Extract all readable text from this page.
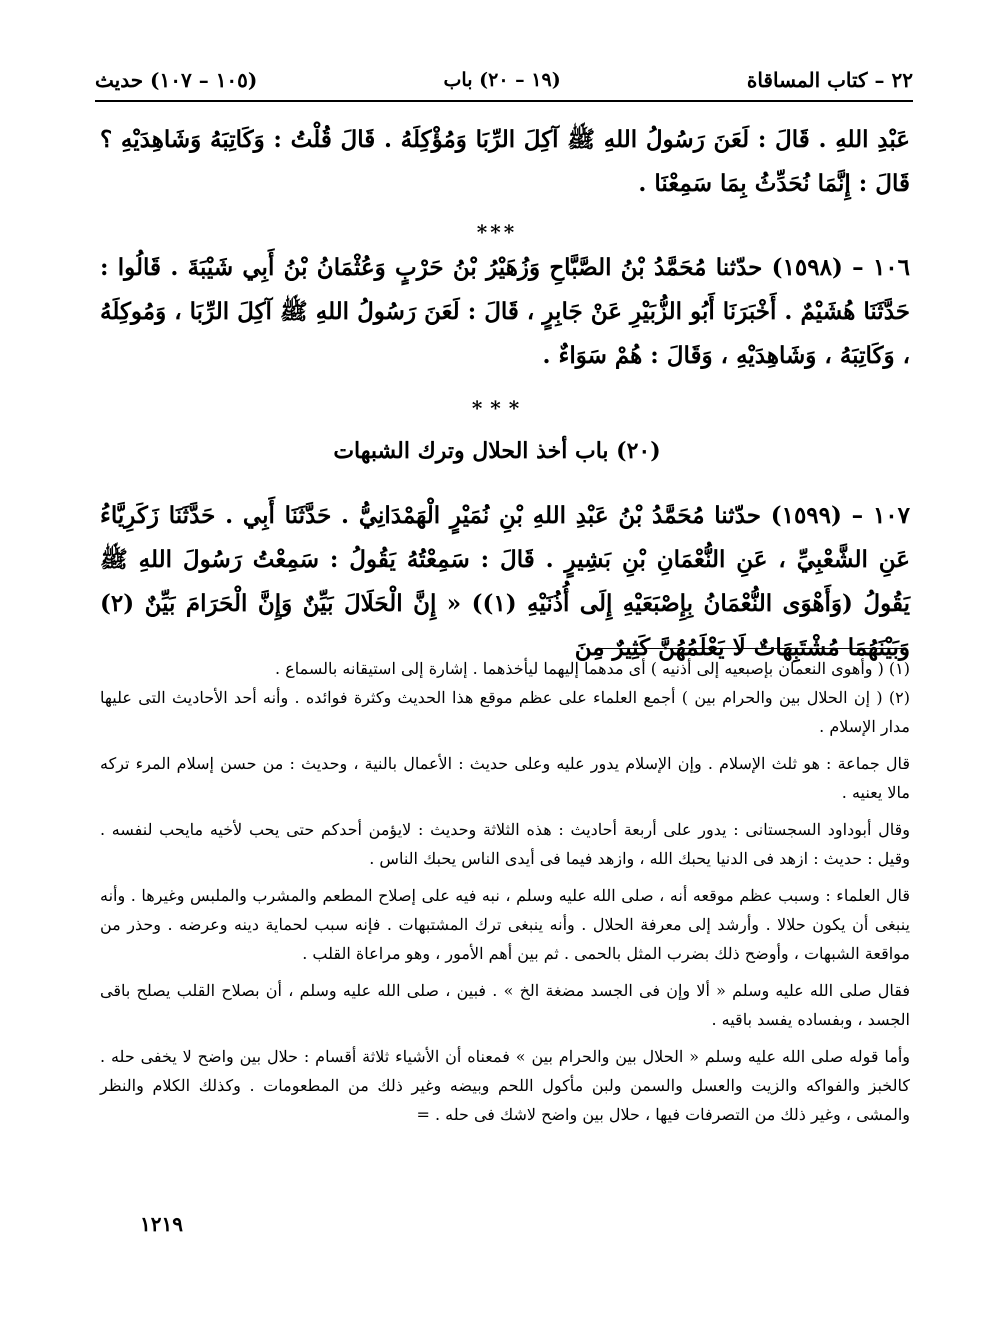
٢٢ – كتاب المساقاة
(١٩ – ٢٠) باب
(١٠٥ – ١٠٧) حديث
عَبْدِ اللهِ . قَالَ : لَعَنَ رَسُولُ اللهِ ﷺ آكِلَ الرِّبَا وَمُؤْكِلَهُ . قَالَ قُلْتُ : وَكَاتِبَهُ وَشَاهِدَيْهِ ؟ قَالَ : إِنَّمَا نُحَدِّثُ بِمَا سَمِعْنَا .
***
١٠٦ – (١٥٩٨) حدّثنا مُحَمَّدُ بْنُ الصَّبَّاحِ وَزُهَيْرُ بْنُ حَرْبٍ وَعُثْمَانُ بْنُ أَبِي شَيْبَةَ . قَالُوا : حَدَّثَنَا هُشَيْمٌ . أَخْبَرَنَا أَبُو الزُّبَيْرِ عَنْ جَابِرٍ ، قَالَ : لَعَنَ رَسُولُ اللهِ ﷺ آكِلَ الرِّبَا ، وَمُوكِلَهُ ، وَكَاتِبَهُ ، وَشَاهِدَيْهِ ، وَقَالَ : هُمْ سَوَاءٌ .
* * *
(٢٠) باب أخذ الحلال وترك الشبهات
١٠٧ – (١٥٩٩) حدّثنا مُحَمَّدُ بْنُ عَبْدِ اللهِ بْنِ نُمَيْرٍ الْهَمْدَانِيُّ . حَدَّثَنَا أَبِي . حَدَّثَنَا زَكَرِيَّاءُ عَنِ الشَّعْبِيِّ ، عَنِ النُّعْمَانِ بْنِ بَشِيرٍ . قَالَ : سَمِعْتُهُ يَقُولُ : سَمِعْتُ رَسُولَ اللهِ ﷺ يَقُولُ (وَأَهْوَى النُّعْمَانُ بِإِصْبَعَيْهِ إِلَى أُذُنَيْهِ (١)) « إِنَّ الْحَلَالَ بَيِّنٌ وَإِنَّ الْحَرَامَ بَيِّنٌ (٢) وَبَيْنَهُمَا مُشْتَبِهَاتٌ لَا يَعْلَمُهُنَّ كَثِيرٌ مِنَ

(١) ( وأهوى النعمان بإصبعيه إلى أذنيه ) أى مدهما إليهما ليأخذهما . إشارة إلى استيقانه بالسماع .

(٢) ( إن الحلال بين والحرام بين ) أجمع العلماء على عظم موقع هذا الحديث وكثرة فوائده . وأنه أحد الأحاديث التى عليها مدار الإسلام .

قال جماعة : هو ثلث الإسلام . وإن الإسلام يدور عليه وعلى حديث : الأعمال بالنية ، وحديث : من حسن إسلام المرء تركه مالا يعنيه .

وقال أبوداود السجستانى : يدور على أربعة أحاديث : هذه الثلاثة وحديث : لايؤمن أحدكم حتى يحب لأخيه مايحب لنفسه . وقيل : حديث : ازهد فى الدنيا يحبك الله ، وازهد فيما فى أيدى الناس يحبك الناس .

قال العلماء : وسبب عظم موقعه أنه ، صلى الله عليه وسلم ، نبه فيه على إصلاح المطعم والمشرب والملبس وغيرها . وأنه ينبغى أن يكون حلالا . وأرشد إلى معرفة الحلال . وأنه ينبغى ترك المشتبهات . فإنه سبب لحماية دينه وعرضه . وحذر من مواقعة الشبهات ، وأوضح ذلك بضرب المثل بالحمى . ثم بين أهم الأمور ، وهو مراعاة القلب .

فقال صلى الله عليه وسلم « ألا وإن فى الجسد مضغة الخ » . فبين ، صلى الله عليه وسلم ، أن بصلاح القلب يصلح باقى الجسد ، وبفساده يفسد باقيه .

وأما قوله صلى الله عليه وسلم « الحلال بين والحرام بين » فمعناه أن الأشياء ثلاثة أقسام : حلال بين واضح لا يخفى حله . كالخبز والفواكه والزيت والعسل والسمن ولبن مأكول اللحم وبيضه وغير ذلك من المطعومات . وكذلك الكلام والنظر والمشى ، وغير ذلك من التصرفات فيها ، حلال بين واضح لاشك فى حله . =

١٢١٩
